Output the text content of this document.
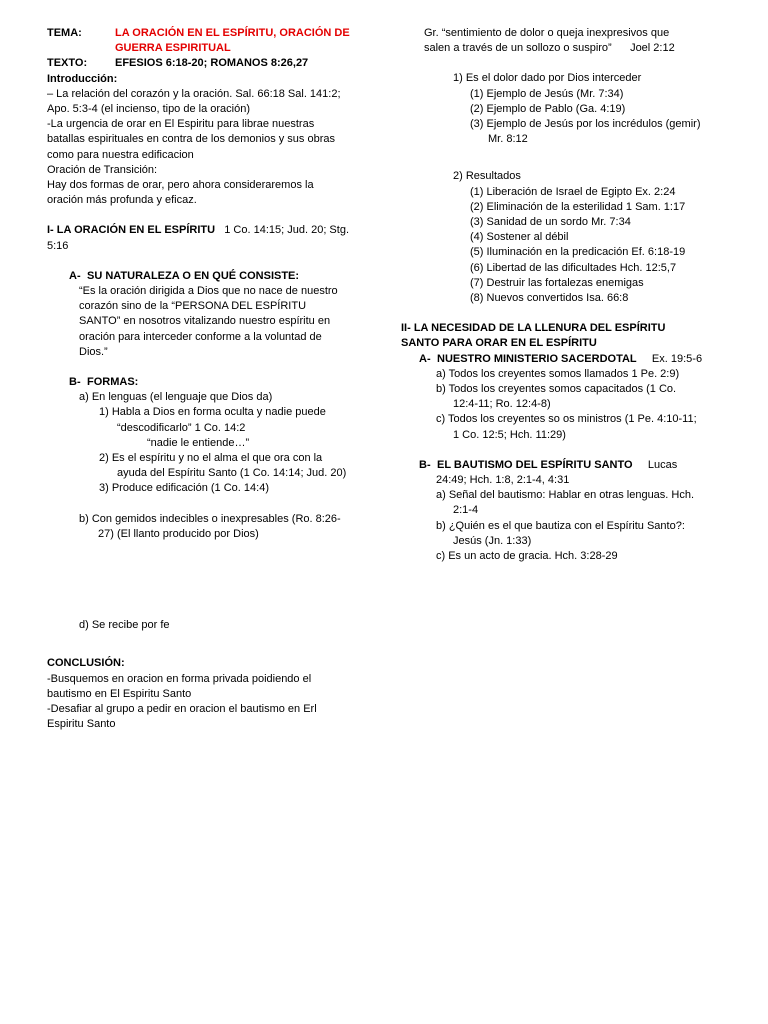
TEMA:	LA ORACIÓN EN EL ESPÍRITU, ORACIÓN DE
GUERRA ESPIRITUAL
TEXTO:	EFESIOS 6:18-20; ROMANOS 8:26,27
Introducción:
– La relación del corazón y la oración. Sal. 66:18 Sal. 141:2;
Apo. 5:3-4 (el incienso, tipo de la oración)
-La urgencia de orar en El Espiritu para librae nuestras
batallas espirituales en contra de los demonios y sus obras
como para nuestra edificacion
Oración de Transición:
Hay dos formas de orar, pero ahora consideraremos la
oración más profunda y eficaz.
I- LA ORACIÓN EN EL ESPÍRITU 1 Co. 14:15; Jud. 20; Stg.
5:16
A- SU NATURALEZA O EN QUÉ CONSISTE:
“Es la oración dirigida a Dios que no nace de nuestro
corazón sino de la “PERSONA DEL ESPÍRITU
SANTO” en nosotros vitalizando nuestro espíritu en
oración para interceder conforme a la voluntad de
Dios.”
B- FORMAS:
a) En lenguas (el lenguaje que Dios da)
1) Habla a Dios en forma oculta y nadie puede
“descodificarlo” 1 Co. 14:2
“nadie le entiende…”
2) Es el espíritu y no el alma el que ora con la
ayuda del Espíritu Santo (1 Co. 14:14; Jud. 20)
3) Produce edificación (1 Co. 14:4)
b) Con gemidos indecibles o inexpresables (Ro. 8:26-
27) (El llanto producido por Dios)
d) Se recibe por fe
CONCLUSIÓN:
-Busquemos en oracion en forma privada poidiendo el
bautismo en El Espiritu Santo
-Desafiar al grupo a pedir en oracion el bautismo en Erl
Espiritu Santo
Gr. “sentimiento de dolor o queja inexpresivos que
salen a través de un sollozo o suspiro” Joel 2:12
1) Es el dolor dado por Dios interceder
(1) Ejemplo de Jesús (Mr. 7:34)
(2) Ejemplo de Pablo (Ga. 4:19)
(3) Ejemplo de Jesús por los incrédulos (gemir)
Mr. 8:12
2) Resultados
(1) Liberación de Israel de Egipto Ex. 2:24
(2) Eliminación de la esterilidad 1 Sam. 1:17
(3) Sanidad de un sordo Mr. 7:34
(4) Sostener al débil
(5) Iluminación en la predicación Ef. 6:18-19
(6) Libertad de las dificultades Hch. 12:5,7
(7) Destruir las fortalezas enemigas
(8) Nuevos convertidos Isa. 66:8
II- LA NECESIDAD DE LA LLENURA DEL ESPÍRITU
SANTO PARA ORAR EN EL ESPÍRITU
A- NUESTRO MINISTERIO SACERDOTAL Ex. 19:5-6
a) Todos los creyentes somos llamados 1 Pe. 2:9)
b) Todos los creyentes somos capacitados (1 Co.
12:4-11; Ro. 12:4-8)
c) Todos los creyentes so os ministros (1 Pe. 4:10-11;
1 Co. 12:5; Hch. 11:29)
B- EL BAUTISMO DEL ESPÍRITU SANTO Lucas
24:49; Hch. 1:8, 2:1-4, 4:31
a) Señal del bautismo: Hablar en otras lenguas. Hch.
2:1-4
b) ¿Quién es el que bautiza con el Espíritu Santo?:
Jesús (Jn. 1:33)
c) Es un acto de gracia. Hch. 3:28-29
